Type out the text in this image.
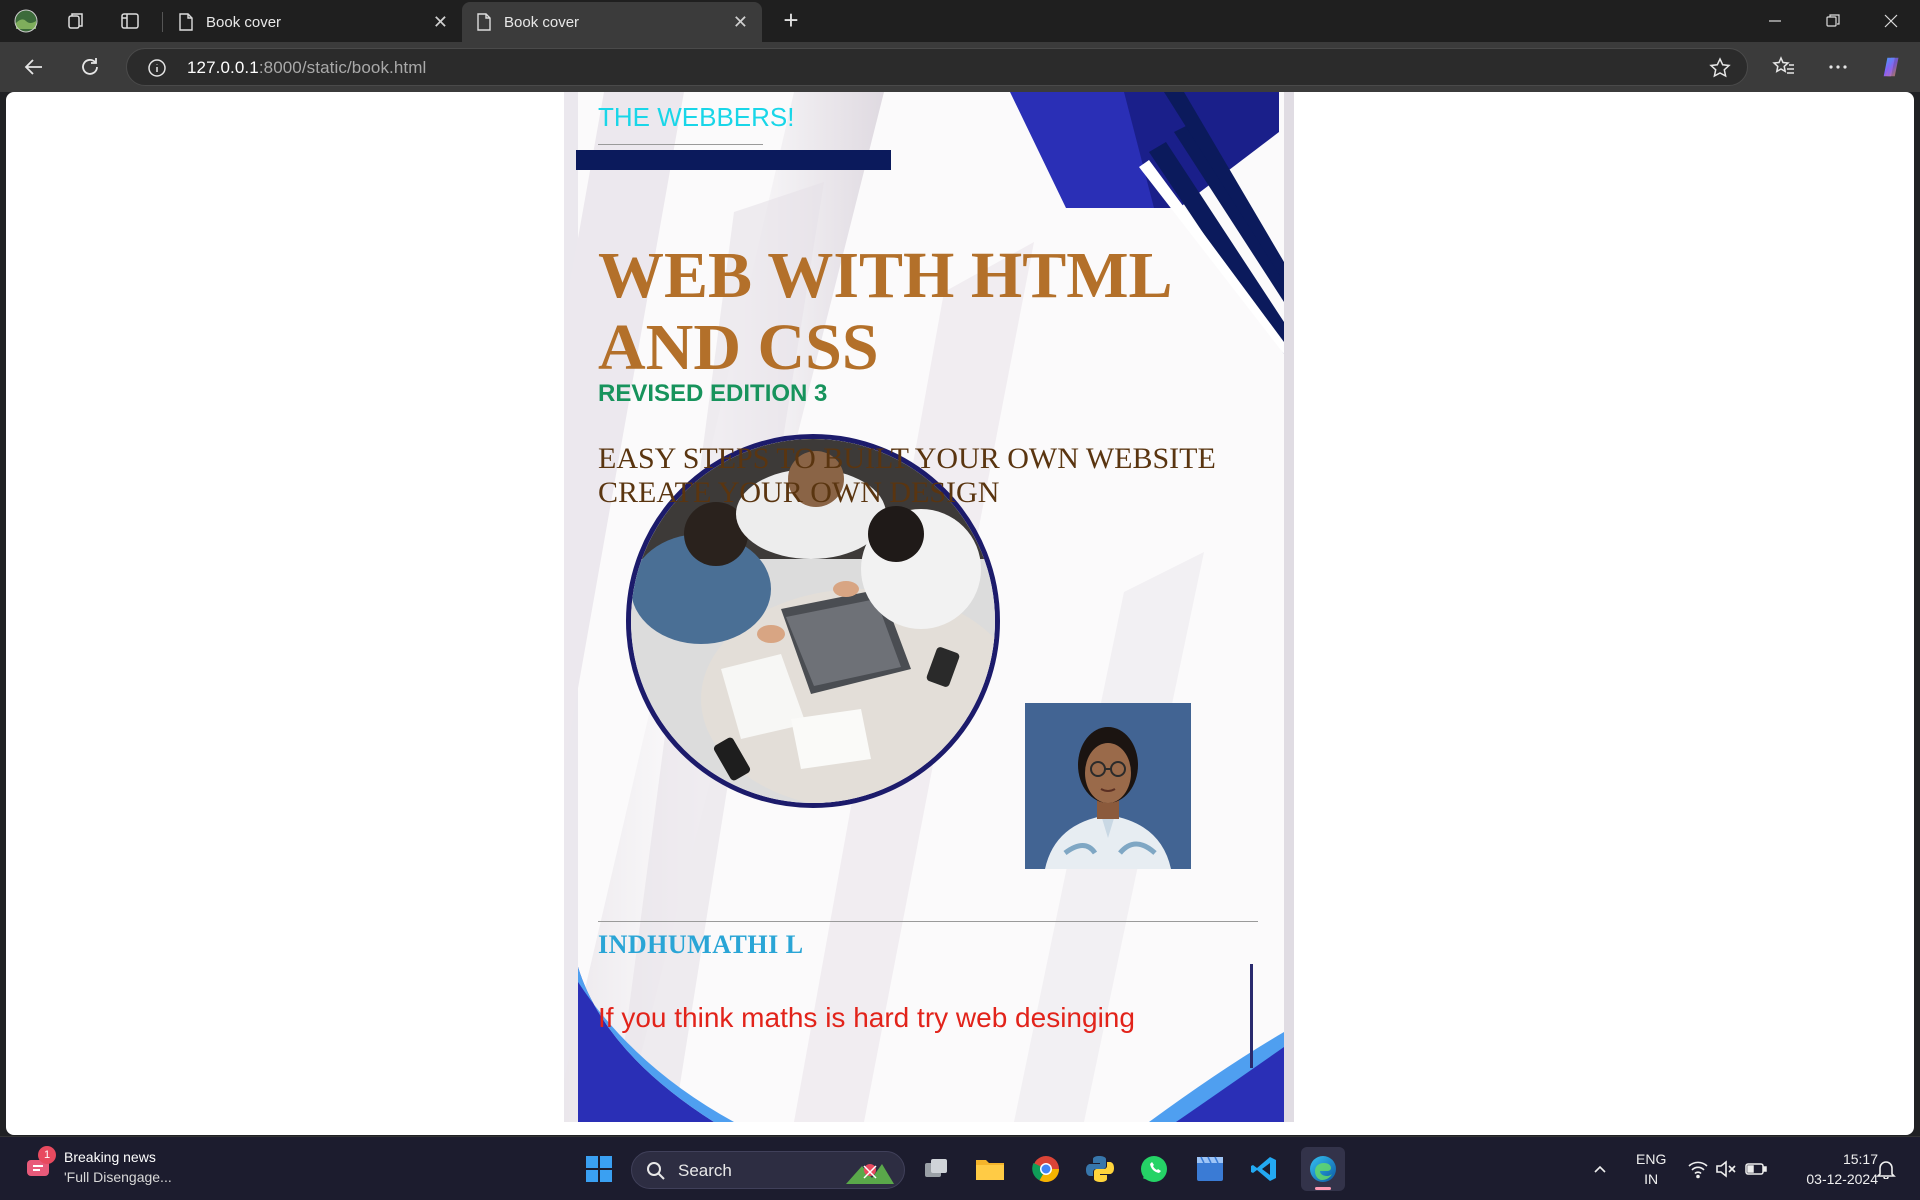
Book cover	✕	Book cover	✕ +
127.0.0.1:8000/static/book.html
THE WEBBERS!
WEB WITH HTML AND CSS
REVISED EDITION 3
EASY STEPS TO BUILT YOUR OWN WEBSITE
CREATE YOUR OWN DESIGN
INDHUMATHI L
If you think maths is hard try web desinging
1 Breaking news
'Full Disengage...	Search
ENG
IN
15:17
03-12-2024
